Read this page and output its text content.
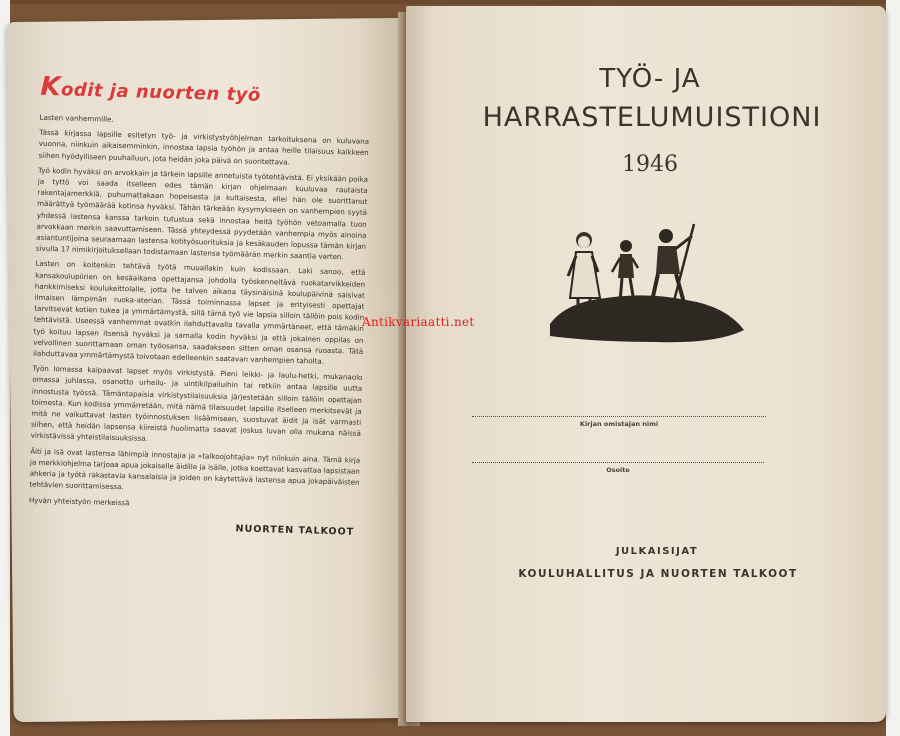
Kodit ja nuorten työ

Lasten vanhemmille.

Tässä kirjassa lapsille esitetyn työ- ja virkistystyöhjelman tarkoituksena on kuluvana vuonna, niinkuin aikaisemminkin, innostaa lapsia työhön ja antaa heille tilaisuus kaikkeen siihen hyödylliseen puuhailuun, jota heidän joka päivä on suoritettava.

Työ kodin hyväksi on arvokkain ja tärkein lapsille annetuista työtehtävistä. Ei yksikään poika ja tyttö voi saada itselleen edes tämän kirjan ohjelmaan kuuluvaa rautaista rakentajamerkkiä, puhumattakaan hopeisesta ja kultaisesta, ellei hän ole suorittanut määrättyä työmäärää kotinsa hyväksi. Tähän tärkeään kysymykseen on vanhempien syytä yhdessä lastensa kanssa tarkoin tutustua sekä innostaa heitä työhön vetoamalla tuon arvokkaan merkin saavuttamiseen. Tässä yhteydessä pyydetään vanhempia myös ainoina asiantuntijoina seuraamaan lastensa kotityösuorituksia ja kesäkauden lopussa tämän kirjan sivulla 17 nimikirjoituksellaan todistamaan lastensa työmäärän merkin saantia varten.

Lasten on koitenkin tehtävä työtä muuallakin kuin kodissaan. Laki sanoo, että kansakoulupiirien on kesäaikana opettajansa johdolla työskenneltävä ruokatarvikkeiden hankkimiseksi koulukeittolalle, jotta he talven aikana täysinäisinä koulupäivinä saisivat ilmaisen lämpimän ruoka-aterian. Tässä toiminnassa lapset ja erityisesti opettajat tarvitsevat kotien tukea ja ymmärtämystä, sillä tämä työ vie lapsia silloin tällöin pois kodin tehtävistä. Useessä vanhemmat ovatkin ilahduttavalla tavalla ymmärtäneet, että tämäkin työ koituu lapsen itsensä hyväksi ja samalla kodin hyväksi ja että jokainen oppilas on velvollinen suorittamaan oman työosansa, saadakseen sitten oman osansa ruoasta. Tätä ilahduttavaa ymmärtämystä toivotaan edelleenkin saatavan vanhempien taholta.

Työn lomassa kaipaavat lapset myös virkistystä. Pieni leikki- ja laulu-hetki, mukanaolo omassa juhlassa, osanotto urheilu- ja uintikilpailuihin tai retkiin antaa lapsille uutta innostusta työssä. Tämäntapaisia virkistystilaisuuksia järjestetään silloin tällöin opettajan toimesta. Kun kodissa ymmärretään, mitä nämä tilaisuudet lapsille itselleen merkitsevät ja mitä ne vaikuttavat lasten työinnostuksen lisäämiseen, suostuvat äidit ja isät varmasti siihen, että heidän lapsensa kiireistä huolimatta saavat joskus luvan olla mukana näissä virkistävissä yhteistilaisuuksissa.

Äiti ja isä ovat lastensa lähimpiä innostajia ja »talkoojohtajia» nyt niinkuin aina. Tämä kirja ja merkkiohjelma tarjoaa apua jokaiselle äidille ja isälle, jotka koettavat kasvattaa lapsistaan ahkeria ja työtä rakastavia kansalaisia ja joiden on käytettävä lastensa apua jokapäiväisten tehtävien suorittamisessa.

Hyvän yhteistyön merkeissä

NUORTEN TALKOOT
TYÖ- JA
HARRASTELUMUISTIONI
1946
Kirjan omistajan nimi
Osoite
JULKAISIJAT
KOULUHALLITUS JA NUORTEN TALKOOT
Antikvariaatti.net
